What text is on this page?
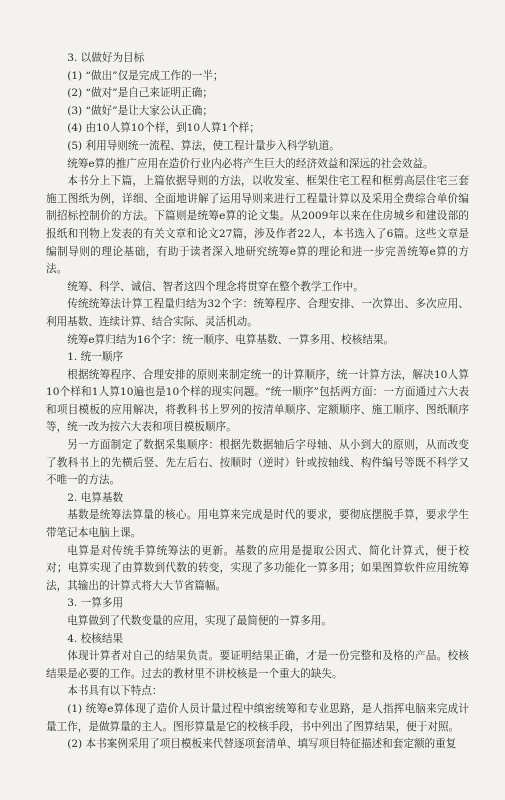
3. 以做好为目标

(1) “做出”仅是完成工作的一半；

(2) “做对”是自己来证明正确；

(3) “做好”是让大家公认正确；

(4) 由10人算10个样，到10人算1个样；

(5) 利用导则统一流程、算法，使工程计量步入科学轨道。

统筹e算的推广应用在造价行业内必将产生巨大的经济效益和深远的社会效益。

本书分上下篇，上篇依据导则的方法，以收发室、框架住宅工程和框剪高层住宅三套施工图纸为例，详细、全面地讲解了运用导则来进行工程量计算以及采用全费综合单价编制招标控制价的方法。下篇则是统筹e算的论文集。从2009年以来在住房城乡和建设部的报纸和刊物上发表的有关文章和论文27篇，涉及作者22人，本书选入了6篇。这些文章是编制导则的理论基础，有助于读者深入地研究统筹e算的理论和进一步完善统筹e算的方法。

统筹、科学、诚信、智者这四个理念将贯穿在整个教学工作中。

传统统筹法计算工程量归结为32个字：统筹程序、合理安排、一次算出、多次应用、利用基数、连续计算、结合实际、灵活机动。

统筹e算归结为16个字：统一顺序、电算基数、一算多用、校核结果。

1. 统一顺序

根据统筹程序、合理安排的原则来制定统一的计算顺序，统一计算方法，解决10人算10个样和1人算10遍也是10个样的现实问题。“统一顺序”包括两方面：一方面通过六大表和项目模板的应用解决，将教科书上罗列的按清单顺序、定额顺序、施工顺序、图纸顺序等，统一改为按六大表和项目模板顺序。

另一方面制定了数据采集顺序：根据先数据轴后字母轴、从小到大的原则，从而改变了教科书上的先横后竖、先左后右、按顺时（逆时）针或按轴线、构件编号等既不科学又不唯一的方法。

2. 电算基数

基数是统筹法算量的核心。用电算来完成是时代的要求，要彻底摆脱手算，要求学生带笔记本电脑上课。

电算是对传统手算统筹法的更新。基数的应用是提取公因式、简化计算式，便于校对；电算实现了由算数到代数的转变，实现了多功能化一算多用；如果图算软件应用统筹法，其输出的计算式将大大节省篇幅。

3. 一算多用

电算做到了代数变量的应用，实现了最简便的一算多用。

4. 校核结果

体现计算者对自己的结果负责。要证明结果正确，才是一份完整和及格的产品。校核结果是必要的工作。过去的教材里不讲校核是一个重大的缺失。

本书具有以下特点：

(1) 统筹e算体现了造价人员计量过程中缜密统筹和专业思路，是人指挥电脑来完成计量工作，是做算量的主人。图形算量是它的校核手段，书中列出了图算结果，便于对照。

(2) 本书案例采用了项目模板来代替逐项套清单、填写项目特征描述和套定额的重复
